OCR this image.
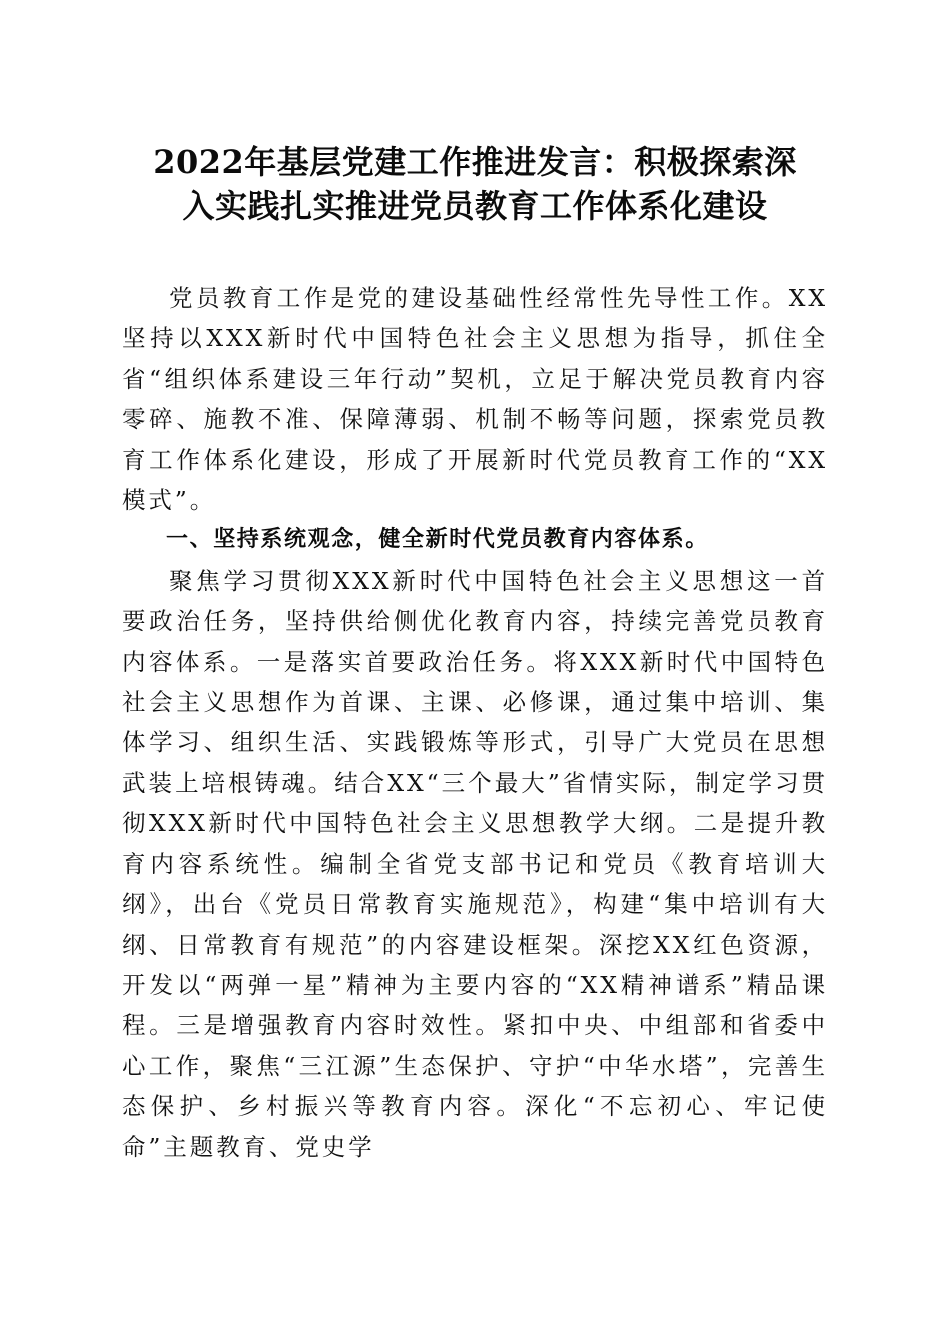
2022年基层党建工作推进发言：积极探索深
入实践扎实推进党员教育工作体系化建设

党员教育工作是党的建设基础性经常性先导性工作。XX坚持以XXX新时代中国特色社会主义思想为指导，抓住全省“组织体系建设三年行动”契机，立足于解决党员教育内容零碎、施教不准、保障薄弱、机制不畅等问题，探索党员教育工作体系化建设，形成了开展新时代党员教育工作的“XX模式”。

一、坚持系统观念，健全新时代党员教育内容体系。

聚焦学习贯彻XXX新时代中国特色社会主义思想这一首要政治任务，坚持供给侧优化教育内容，持续完善党员教育内容体系。一是落实首要政治任务。将XXX新时代中国特色社会主义思想作为首课、主课、必修课，通过集中培训、集体学习、组织生活、实践锻炼等形式，引导广大党员在思想武装上培根铸魂。结合XX“三个最大”省情实际，制定学习贯彻XXX新时代中国特色社会主义思想教学大纲。二是提升教育内容系统性。编制全省党支部书记和党员《教育培训大纲》，出台《党员日常教育实施规范》，构建“集中培训有大纲、日常教育有规范”的内容建设框架。深挖XX红色资源，开发以“两弹一星”精神为主要内容的“XX精神谱系”精品课程。三是增强教育内容时效性。紧扣中央、中组部和省委中心工作，聚焦“三江源”生态保护、守护“中华水塔”，完善生态保护、乡村振兴等教育内容。深化“不忘初心、牢记使命”主题教育、党史学
